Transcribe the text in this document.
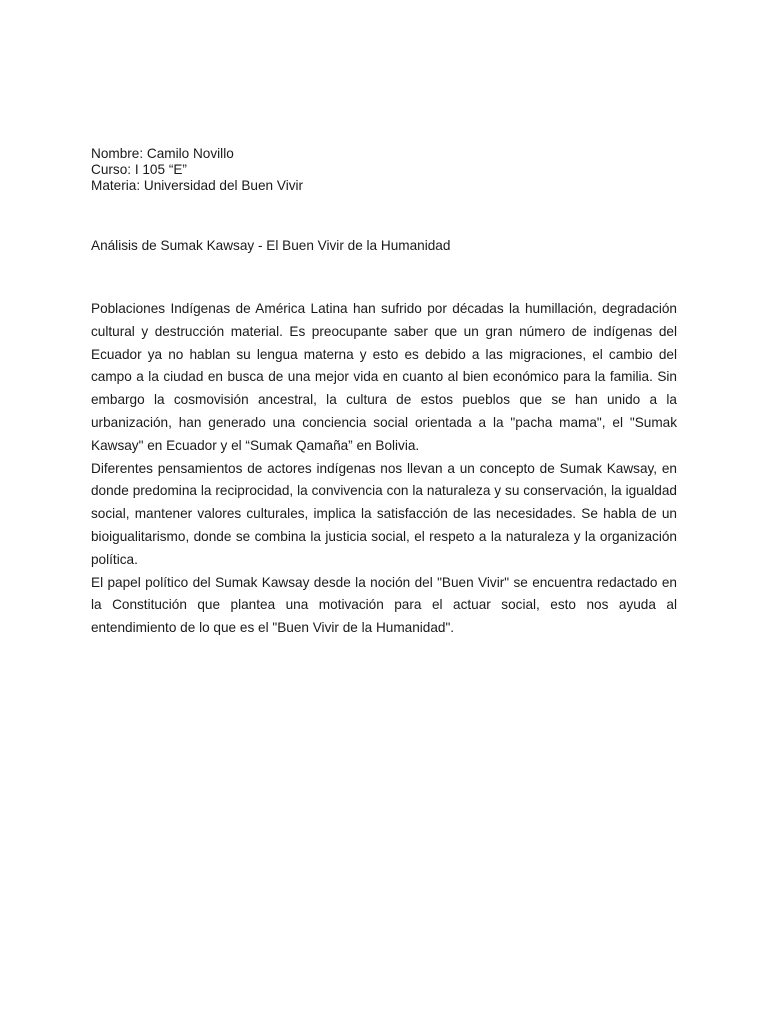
Nombre: Camilo Novillo
Curso: I 105 “E”
Materia: Universidad del Buen Vivir
Análisis de Sumak Kawsay - El Buen Vivir de la Humanidad

Poblaciones Indígenas de América Latina han sufrido por décadas la humillación, degradación cultural y destrucción material. Es preocupante saber que un gran número de indígenas del Ecuador ya no hablan su lengua materna y esto es debido a las migraciones, el cambio del campo a la ciudad en busca de una mejor vida en cuanto al bien económico para la familia. Sin embargo la cosmovisión ancestral, la cultura de estos pueblos que se han unido a la urbanización, han generado una conciencia social orientada a la "pacha mama", el "Sumak Kawsay" en Ecuador y el “Sumak Qamaña” en Bolivia.

Diferentes pensamientos de actores indígenas nos llevan a un concepto de Sumak Kawsay, en donde predomina la reciprocidad, la convivencia con la naturaleza y su conservación, la igualdad social, mantener valores culturales, implica la satisfacción de las necesidades. Se habla de un bioigualitarismo, donde se combina la justicia social, el respeto a la naturaleza y la organización política.

El papel político del Sumak Kawsay desde la noción del "Buen Vivir" se encuentra redactado en la Constitución que plantea una motivación para el actuar social, esto nos ayuda al entendimiento de lo que es el "Buen Vivir de la Humanidad".
